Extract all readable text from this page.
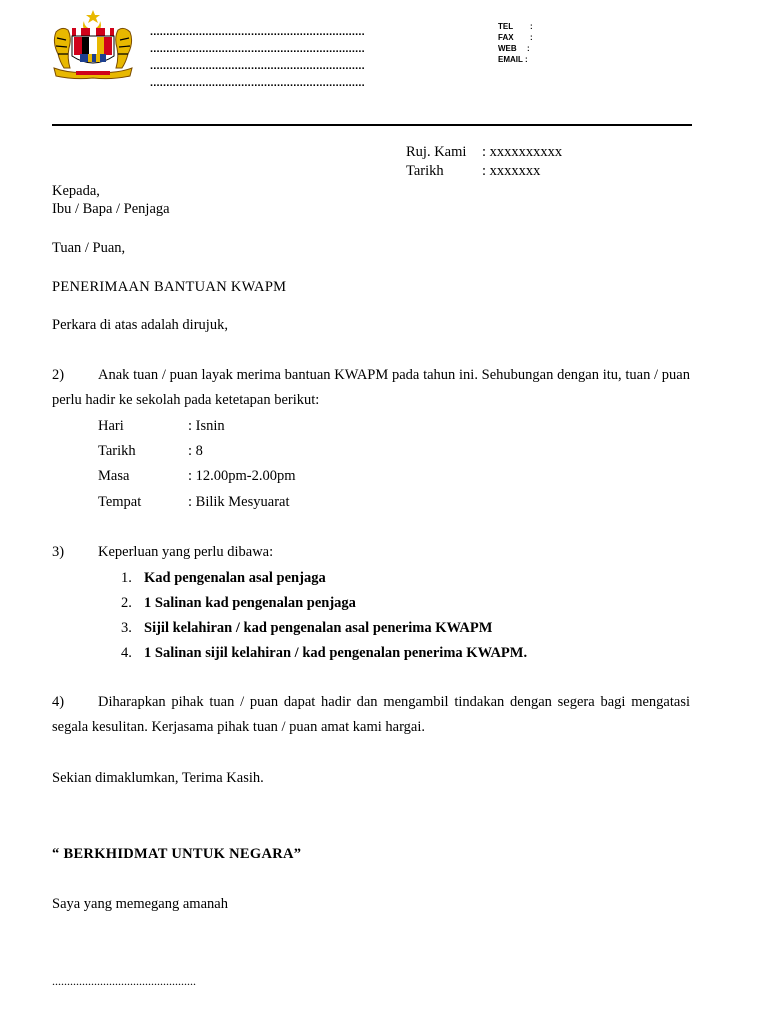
..................................................................
..................................................................
..................................................................
..................................................................
TEL :
FAX :
WEB :
EMAIL :
Ruj. Kami : xxxxxxxxxx
Tarikh	: xxxxxxx
Kepada,
Ibu / Bapa / Penjaga
Tuan / Puan,
PENERIMAAN BANTUAN KWAPM
Perkara di atas adalah dirujuk,
2) Anak tuan / puan layak merima bantuan KWAPM pada tahun ini. Sehubungan dengan itu, tuan / puan perlu hadir ke sekolah pada ketetapan berikut:
Hari	: Isnin
Tarikh	: 8
Masa	: 12.00pm-2.00pm
Tempat	: Bilik Mesyuarat
3) Keperluan yang perlu dibawa:
1. Kad pengenalan asal penjaga
2. 1 Salinan kad pengenalan penjaga
3. Sijil kelahiran / kad pengenalan asal penerima KWAPM
4. 1 Salinan sijil kelahiran / kad pengenalan penerima KWAPM.
4) Diharapkan pihak tuan / puan dapat hadir dan mengambil tindakan dengan segera bagi mengatasi segala kesulitan. Kerjasama pihak tuan / puan amat kami hargai.
Sekian dimaklumkan, Terima Kasih.
“ BERKHIDMAT UNTUK NEGARA”
Saya yang memegang amanah
................................................
